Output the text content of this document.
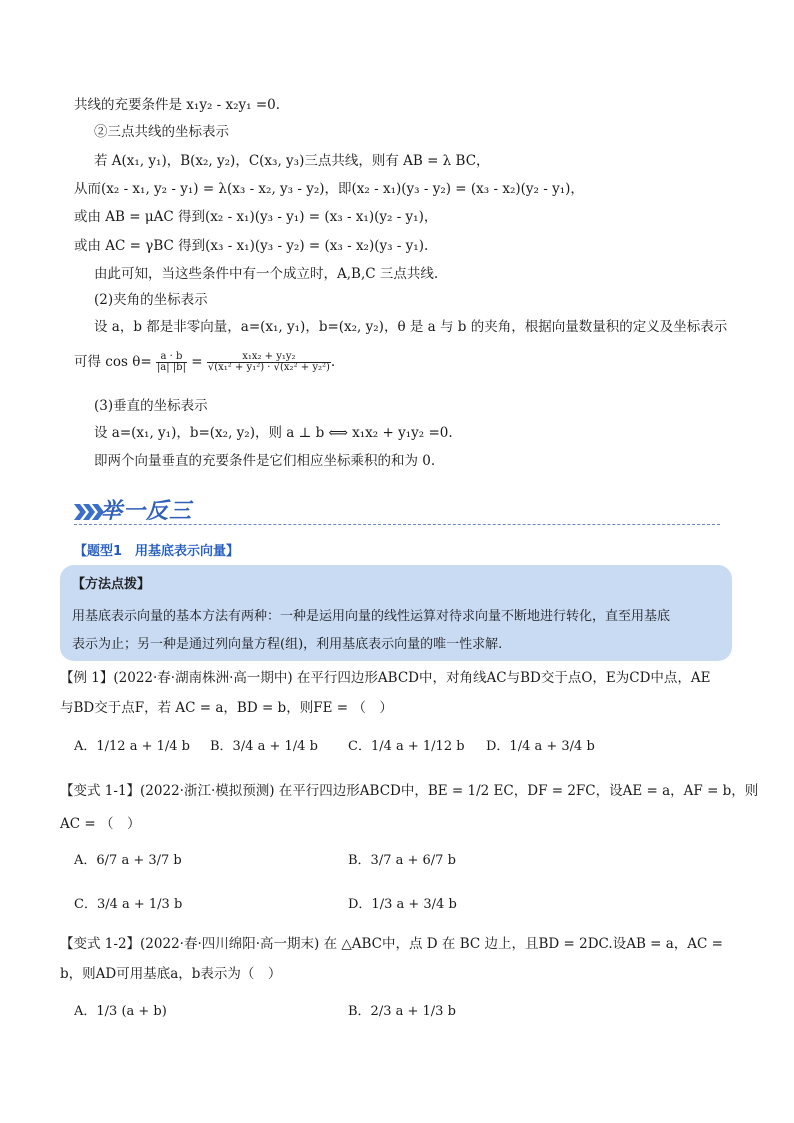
共线的充要条件是 x₁y₂ - x₂y₁ =0.
②三点共线的坐标表示
若 A(x₁, y₁)，B(x₂, y₂)，C(x₃, y₃)三点共线，则有 AB = λ BC，
从而(x₂ - x₁, y₂ - y₁) = λ(x₃ - x₂, y₃ - y₂)，即(x₂ - x₁)(y₃ - y₂) = (x₃ - x₂)(y₂ - y₁)，
或由 AB = μAC 得到(x₂ - x₁)(y₃ - y₁) = (x₃ - x₁)(y₂ - y₁)，
或由 AC = γBC 得到(x₃ - x₁)(y₃ - y₂) = (x₃ - x₂)(y₃ - y₁).
由此可知，当这些条件中有一个成立时，A,B,C 三点共线.
(2)夹角的坐标表示
设 a，b 都是非零向量，a=(x₁, y₁)，b=(x₂, y₂)，θ 是 a 与 b 的夹角，根据向量数量积的定义及坐标表示
可得 $\cos \theta= \frac{a \cdot b}{|a| |b|} = \frac{\text{x₁x₂ + y₁y₂}}{\text{√(x₁² + y₁²) · √(x₂² + y₂²)}}$ .
(3)垂直的坐标表示
设 a=(x₁, y₁)，b=(x₂, y₂)，则 a ⊥ b ⟺ x₁x₂ + y₁y₂ =0.
即两个向量垂直的充要条件是它们相应坐标乘积的和为 0.
举一反三
【题型1　用基底表示向量】
【方法点拨】
用基底表示向量的基本方法有两种：一种是运用向量的线性运算对待求向量不断地进行转化，直至用基底
表示为止；另一种是通过列向量方程(组)，利用基底表示向量的唯一性求解.
【例 1】(2022·春·湖南株洲·高一期中) 在平行四边形ABCD中，对角线AC与BD交于点O，E为CD中点，AE
与BD交于点F，若 AC = a，BD = b，则FE = （　）
A．1/12 a + 1/4 b B．3/4 a + 1/4 b C．1/4 a + 1/12 b D．1/4 a + 3/4 b
【变式 1-1】(2022·浙江·模拟预测) 在平行四边形ABCD中，BE = 1/2 EC，DF = 2FC，设AE = a，AF = b，则
AC = （　）
A．6/7 a + 3/7 b	B．3/7 a + 6/7 b
C．3/4 a + 1/3 b	D．1/3 a + 3/4 b
【变式 1-2】(2022·春·四川绵阳·高一期末) 在 △ABC中，点 D 在 BC 边上，且BD = 2DC.设AB = a，AC =
b，则AD可用基底a，b表示为（　）
A．1/3 (a + b)	B．2/3 a + 1/3 b
